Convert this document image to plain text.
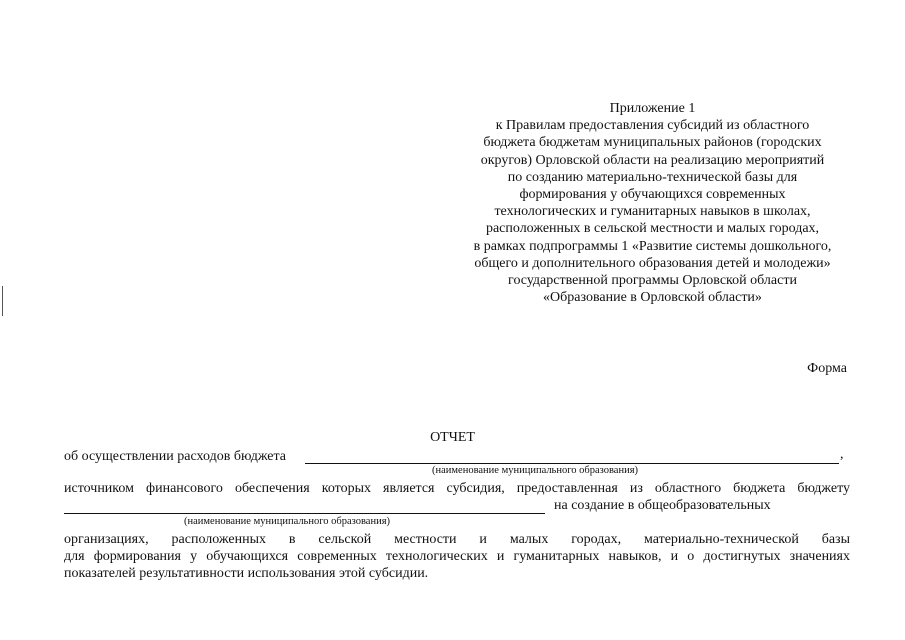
Приложение 1
к Правилам предоставления субсидий из областного
бюджета бюджетам муниципальных районов (городских
округов) Орловской области на реализацию мероприятий
по созданию материально-технической базы для
формирования у обучающихся современных
технологических и гуманитарных навыков в школах,
расположенных в сельской местности и малых городах,
в рамках подпрограммы 1 «Развитие системы дошкольного,
общего и дополнительного образования детей и молодежи»
государственной программы Орловской области
«Образование в Орловской области»
Форма
ОТЧЕТ
об осуществлении расходов бюджета	,
(наименование муниципального образования)
источником финансового обеспечения которых является субсидия, предоставленная из областного бюджета бюджету
на создание в общеобразовательных
(наименование муниципального образования)
организациях, расположенных в сельской местности и малых городах, материально-технической базы
для формирования у обучающихся современных технологических и гуманитарных навыков, и о достигнутых значениях
показателей результативности использования этой субсидии.
